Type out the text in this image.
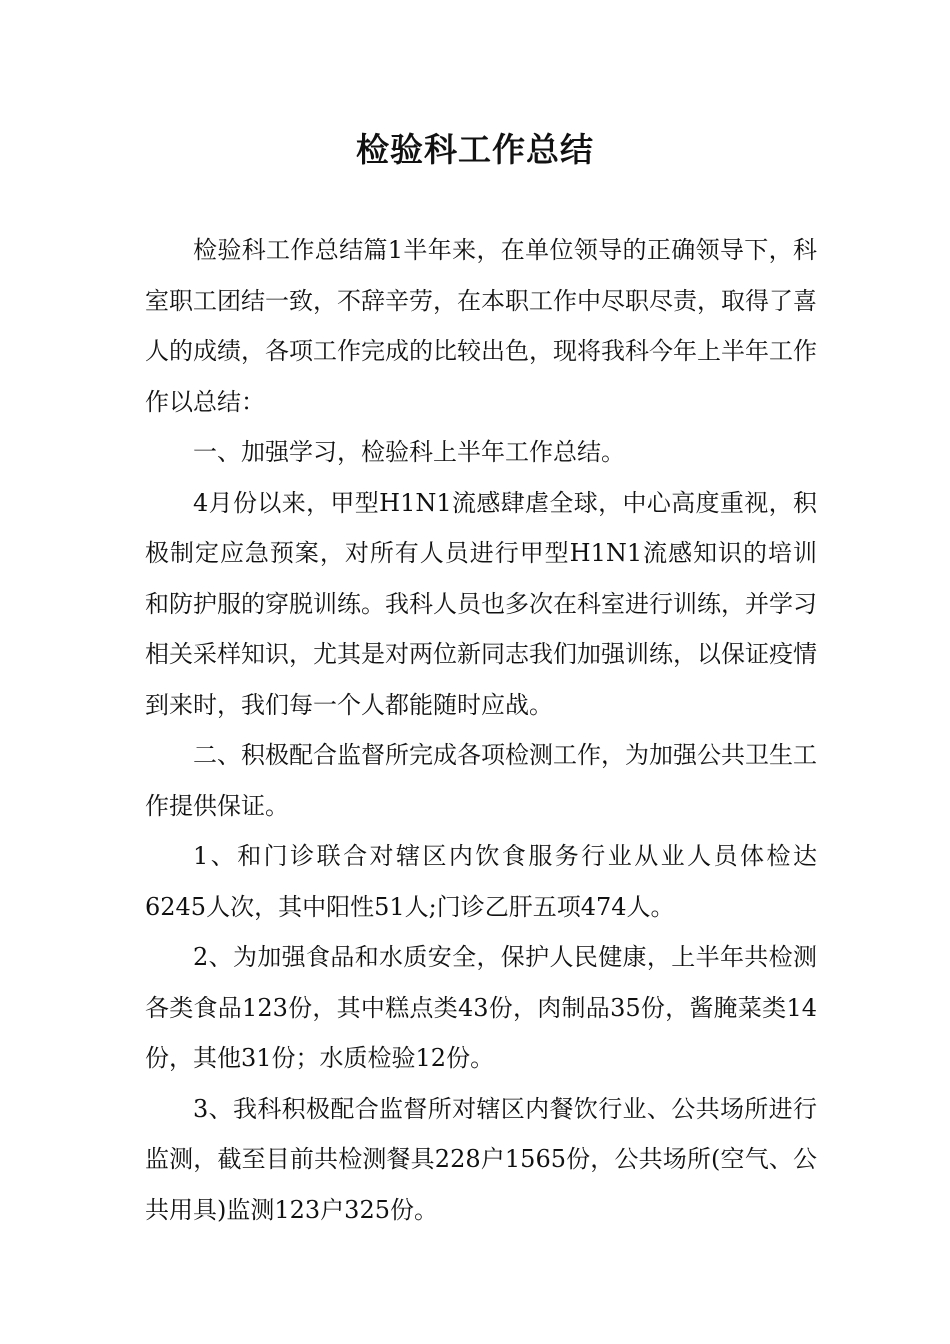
检验科工作总结

检验科工作总结篇1半年来，在单位领导的正确领导下，科室职工团结一致，不辞辛劳，在本职工作中尽职尽责，取得了喜人的成绩，各项工作完成的比较出色，现将我科今年上半年工作作以总结：

一、加强学习，检验科上半年工作总结。

4月份以来，甲型H1N1流感肆虐全球，中心高度重视，积极制定应急预案，对所有人员进行甲型H1N1流感知识的培训和防护服的穿脱训练。我科人员也多次在科室进行训练，并学习相关采样知识，尤其是对两位新同志我们加强训练，以保证疫情到来时，我们每一个人都能随时应战。

二、积极配合监督所完成各项检测工作，为加强公共卫生工作提供保证。

1、和门诊联合对辖区内饮食服务行业从业人员体检达6245人次，其中阳性51人;门诊乙肝五项474人。

2、为加强食品和水质安全，保护人民健康，上半年共检测各类食品123份，其中糕点类43份，肉制品35份，酱腌菜类14份，其他31份；水质检验12份。

3、我科积极配合监督所对辖区内餐饮行业、公共场所进行监测，截至目前共检测餐具228户1565份，公共场所(空气、公共用具)监测123户325份。
